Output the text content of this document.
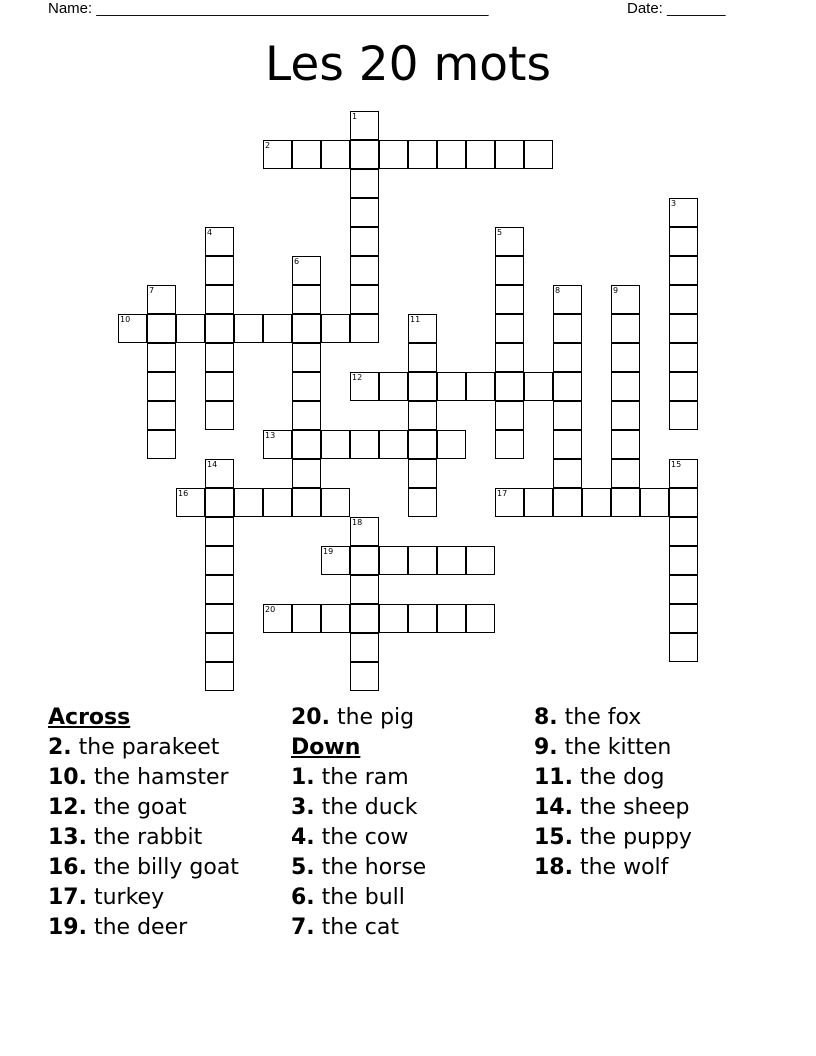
Name: _______________________________________________	Date: _______
Les 20 mots
1
2
3
4	5
6
7	8	9
10	11
12
13
14	15
16	17
18
19
20
Across
2. the parakeet
10. the hamster
12. the goat
13. the rabbit
16. the billy goat
17. turkey
19. the deer
20. the pig
Down
1. the ram
3. the duck
4. the cow
5. the horse
6. the bull
7. the cat
8. the fox
9. the kitten
11. the dog
14. the sheep
15. the puppy
18. the wolf
